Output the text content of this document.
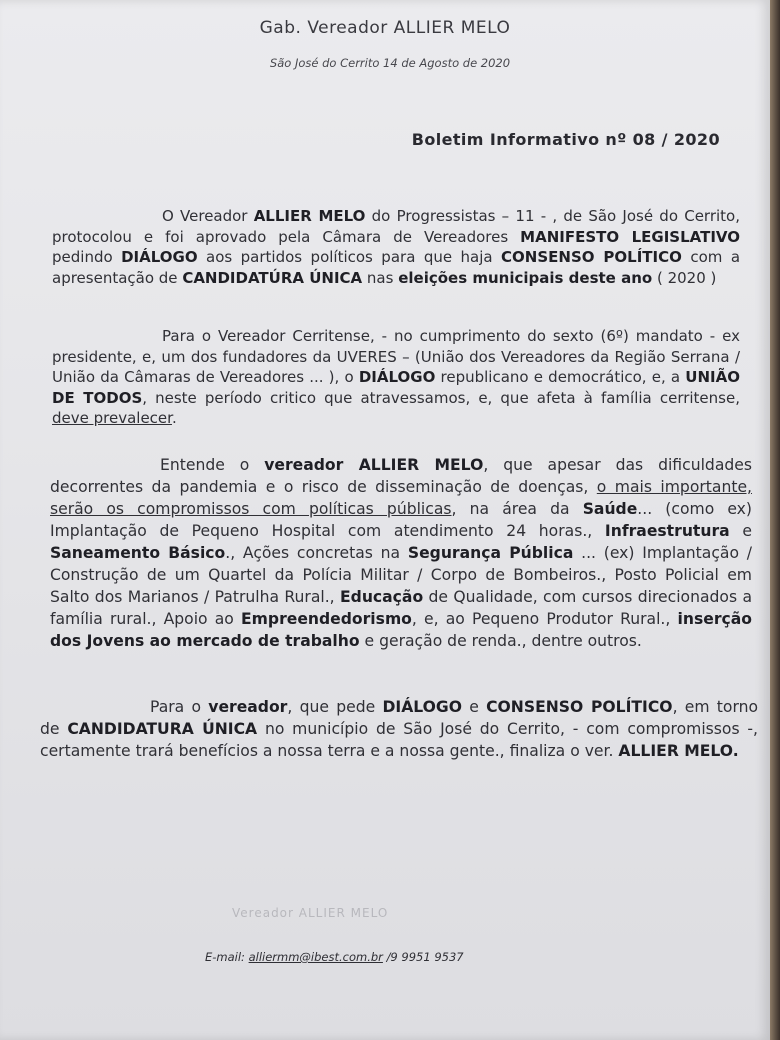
Gab. Vereador ALLIER MELO
São José do Cerrito 14 de Agosto de 2020
Boletim Informativo nº 08 / 2020

O Vereador ALLIER MELO do Progressistas – 11 - , de São José do Cerrito, protocolou e foi aprovado pela Câmara de Vereadores MANIFESTO LEGISLATIVO pedindo DIÁLOGO aos partidos políticos para que haja CONSENSO POLÍTICO com a apresentação de CANDIDATÚRA ÚNICA nas eleições municipais deste ano ( 2020 )

Para o Vereador Cerritense, - no cumprimento do sexto (6º) mandato - ex presidente, e, um dos fundadores da UVERES – (União dos Vereadores da Região Serrana / União da Câmaras de Vereadores ... ), o DIÁLOGO republicano e democrático, e, a UNIÃO DE TODOS, neste período critico que atravessamos, e, que afeta à família cerritense, deve prevalecer.

Entende o vereador ALLIER MELO, que apesar das dificuldades decorrentes da pandemia e o risco de disseminação de doenças, o mais importante, serão os compromissos com políticas públicas, na área da Saúde... (como ex) Implantação de Pequeno Hospital com atendimento 24 horas., Infraestrutura e Saneamento Básico., Ações concretas na Segurança Pública ... (ex) Implantação / Construção de um Quartel da Polícia Militar / Corpo de Bombeiros., Posto Policial em Salto dos Marianos / Patrulha Rural., Educação de Qualidade, com cursos direcionados a família rural., Apoio ao Empreendedorismo, e, ao Pequeno Produtor Rural., inserção dos Jovens ao mercado de trabalho e geração de renda., dentre outros.

Para o vereador, que pede DIÁLOGO e CONSENSO POLÍTICO, em torno de CANDIDATURA ÚNICA no município de São José do Cerrito, - com compromissos -, certamente trará benefícios a nossa terra e a nossa gente., finaliza o ver. ALLIER MELO.

Vereador ALLIER MELO
E-mail: alliermm@ibest.com.br /9 9951 9537
